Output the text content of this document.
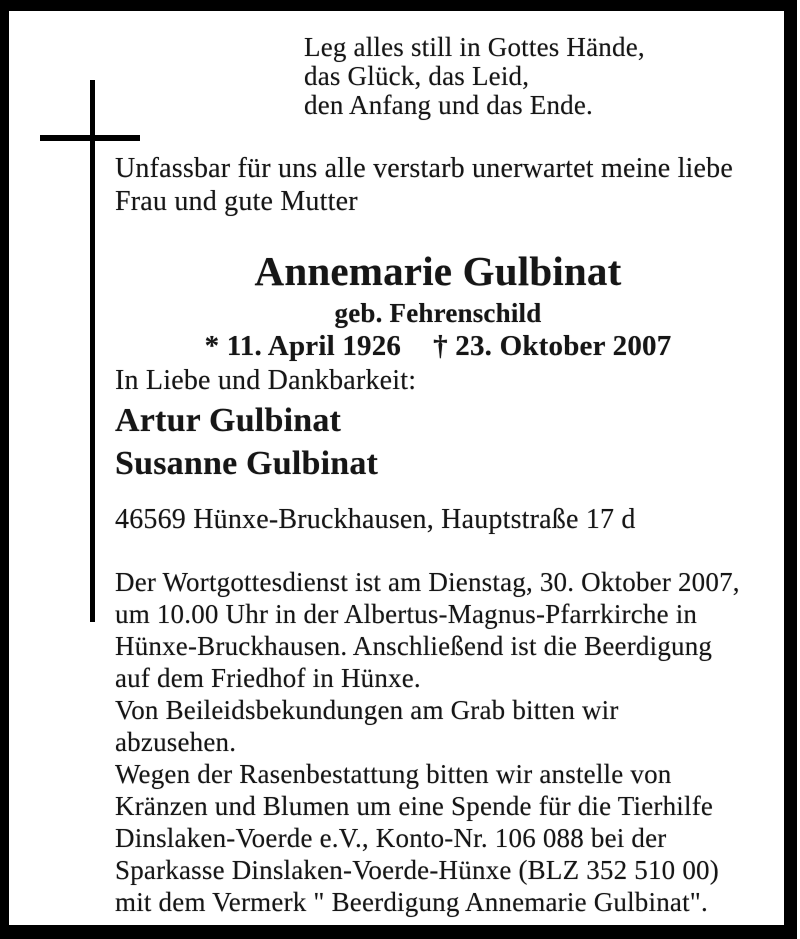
Leg alles still in Gottes Hände,
das Glück, das Leid,
den Anfang und das Ende.
Unfassbar für uns alle verstarb unerwartet meine liebe
Frau und gute Mutter
Annemarie Gulbinat
geb. Fehrenschild
* 11. April 1926 † 23. Oktober 2007
In Liebe und Dankbarkeit:
Artur Gulbinat
Susanne Gulbinat
46569 Hünxe-Bruckhausen, Hauptstraße 17 d
Der Wortgottesdienst ist am Dienstag, 30. Oktober 2007,
um 10.00 Uhr in der Albertus-Magnus-Pfarrkirche in
Hünxe-Bruckhausen. Anschließend ist die Beerdigung
auf dem Friedhof in Hünxe.
Von Beileidsbekundungen am Grab bitten wir
abzusehen.
Wegen der Rasenbestattung bitten wir anstelle von
Kränzen und Blumen um eine Spende für die Tierhilfe
Dinslaken-Voerde e.V., Konto-Nr. 106 088 bei der
Sparkasse Dinslaken-Voerde-Hünxe (BLZ 352 510 00)
mit dem Vermerk " Beerdigung Annemarie Gulbinat".
